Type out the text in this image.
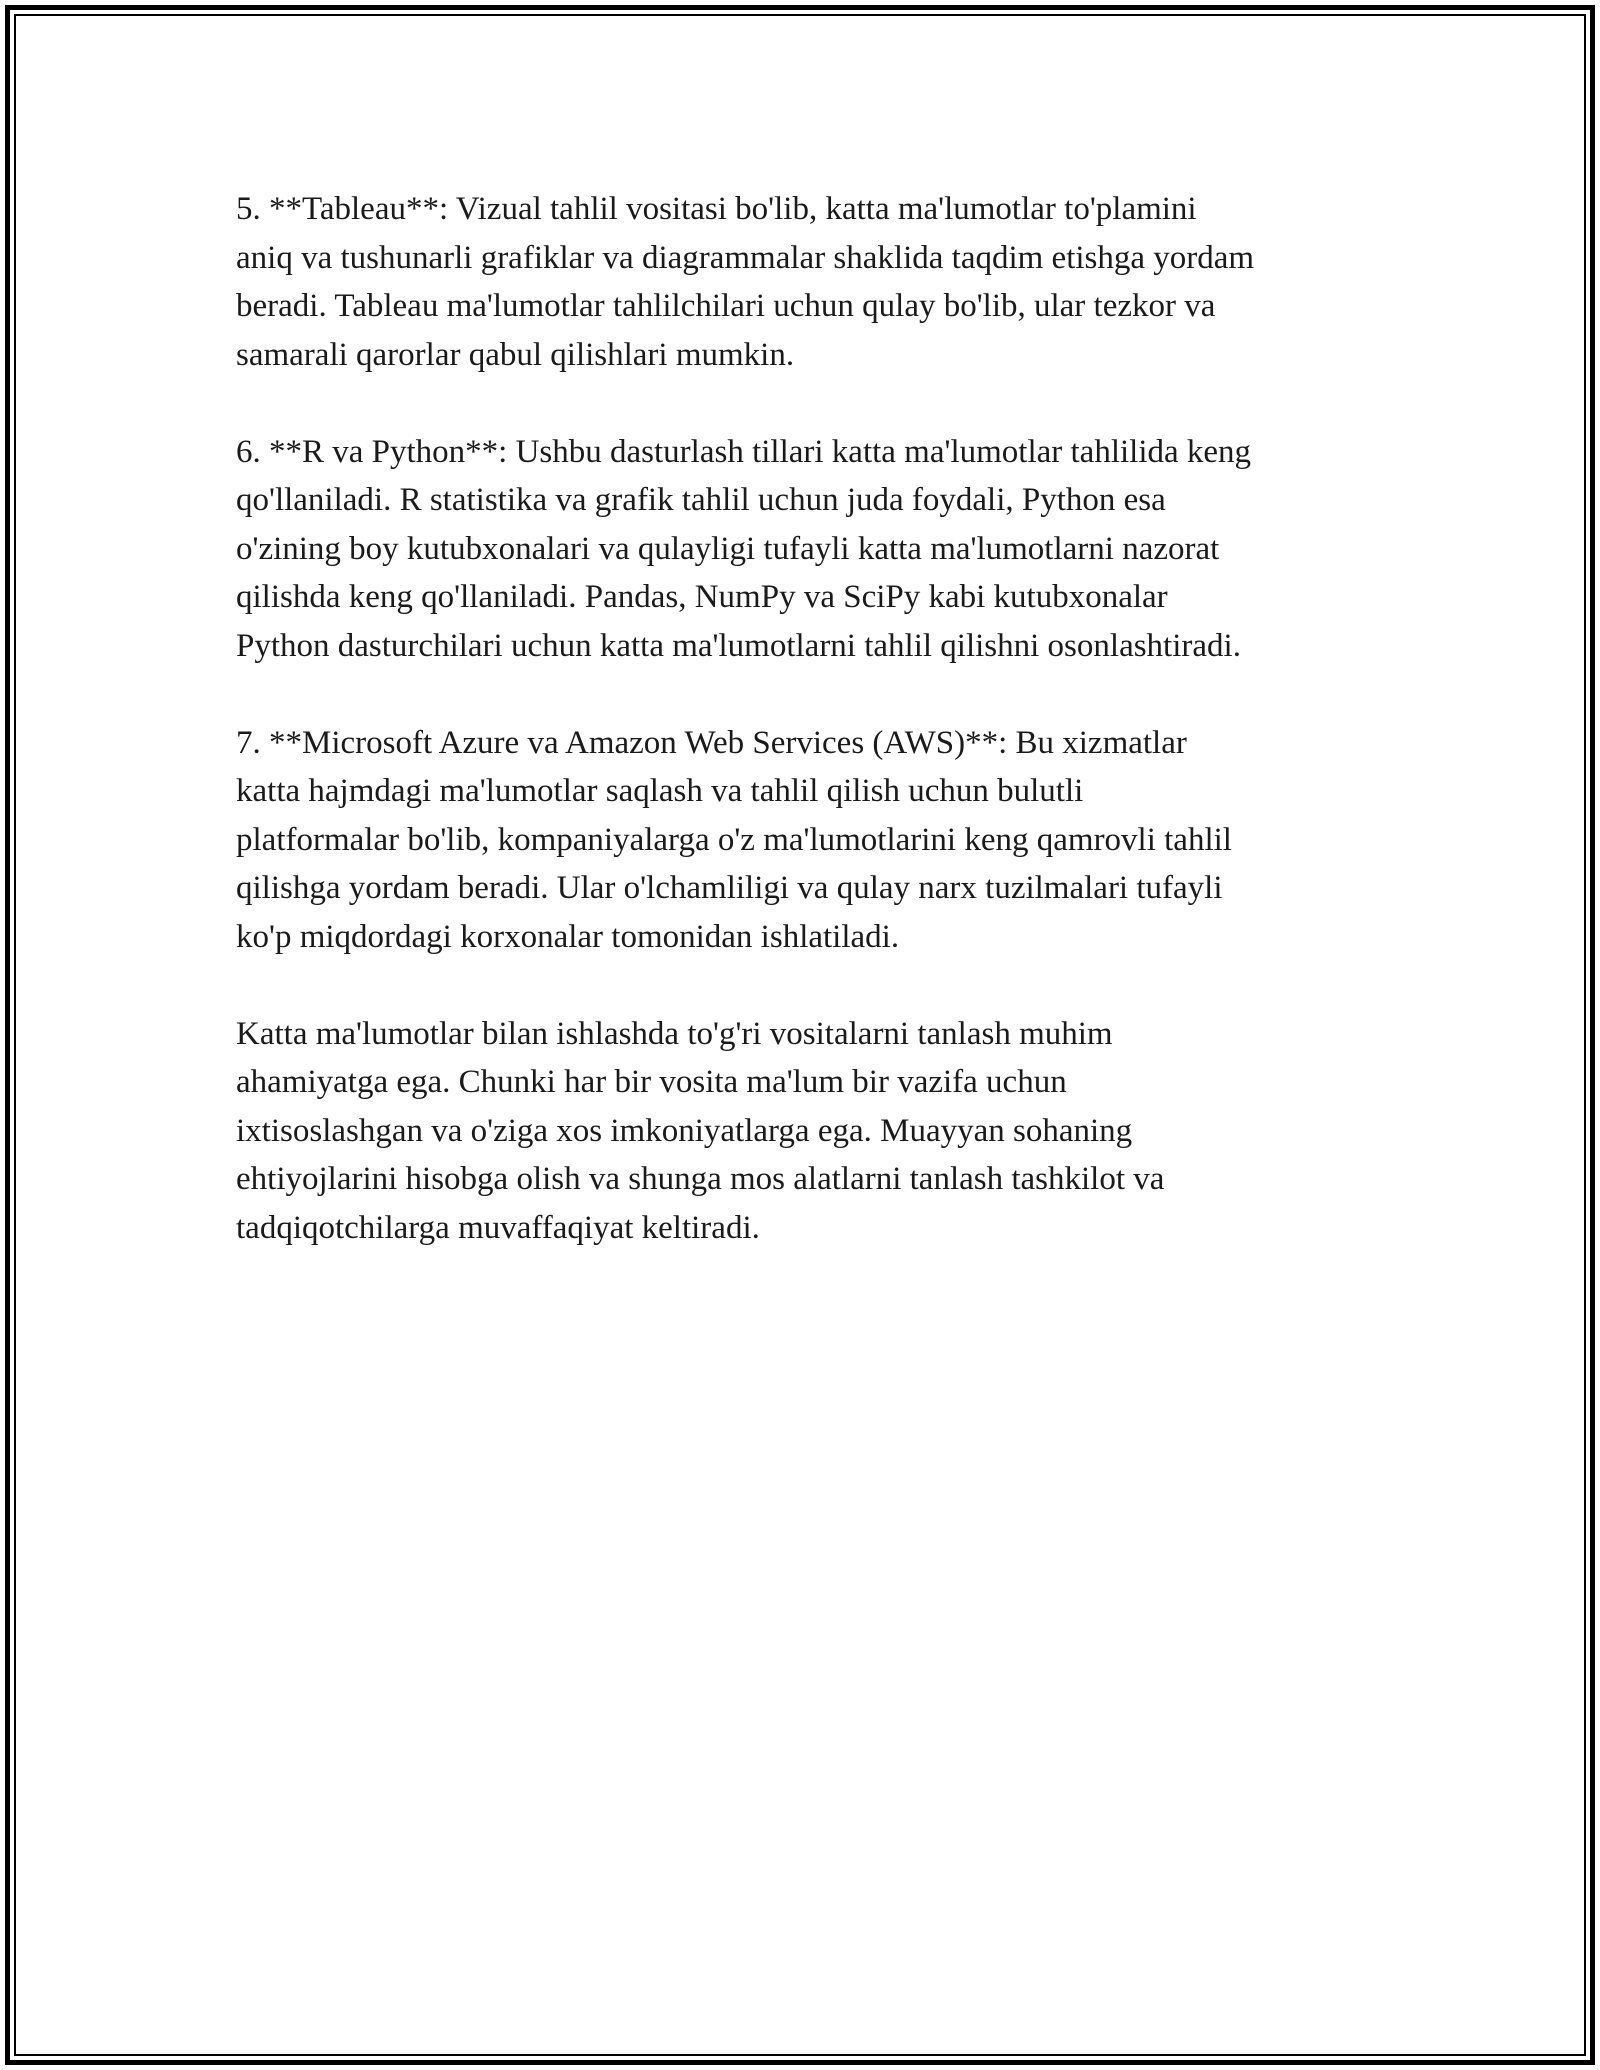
5. **Tableau**: Vizual tahlil vositasi bo'lib, katta ma'lumotlar to'plamini
aniq va tushunarli grafiklar va diagrammalar shaklida taqdim etishga yordam
beradi. Tableau ma'lumotlar tahlilchilari uchun qulay bo'lib, ular tezkor va
samarali qarorlar qabul qilishlari mumkin.

6. **R va Python**: Ushbu dasturlash tillari katta ma'lumotlar tahlilida keng
qo'llaniladi. R statistika va grafik tahlil uchun juda foydali, Python esa
o'zining boy kutubxonalari va qulayligi tufayli katta ma'lumotlarni nazorat
qilishda keng qo'llaniladi. Pandas, NumPy va SciPy kabi kutubxonalar
Python dasturchilari uchun katta ma'lumotlarni tahlil qilishni osonlashtiradi.

7. **Microsoft Azure va Amazon Web Services (AWS)**: Bu xizmatlar
katta hajmdagi ma'lumotlar saqlash va tahlil qilish uchun bulutli
platformalar bo'lib, kompaniyalarga o'z ma'lumotlarini keng qamrovli tahlil
qilishga yordam beradi. Ular o'lchamliligi va qulay narx tuzilmalari tufayli
ko'p miqdordagi korxonalar tomonidan ishlatiladi.

Katta ma'lumotlar bilan ishlashda to'g'ri vositalarni tanlash muhim
ahamiyatga ega. Chunki har bir vosita ma'lum bir vazifa uchun
ixtisoslashgan va o'ziga xos imkoniyatlarga ega. Muayyan sohaning
ehtiyojlarini hisobga olish va shunga mos alatlarni tanlash tashkilot va
tadqiqotchilarga muvaffaqiyat keltiradi.
